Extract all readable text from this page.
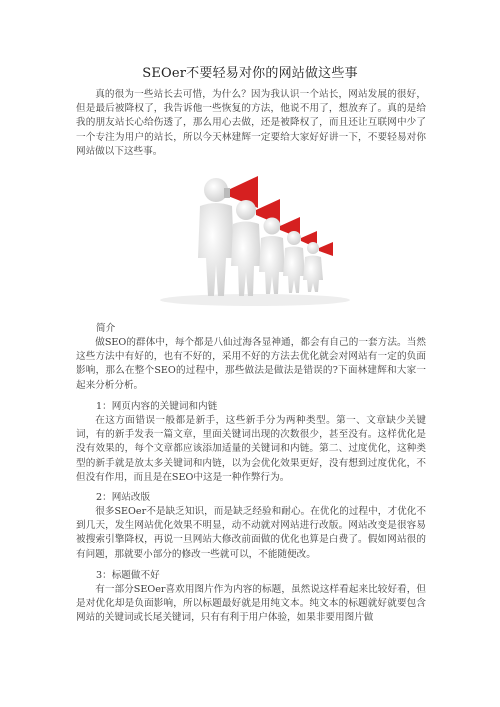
SEOer不要轻易对你的网站做这些事

真的很为一些站长去可惜，为什么？因为我认识一个站长，网站发展的很好，但是最后被降权了，我告诉他一些恢复的方法，他说不用了，想放弃了。真的是给我的朋友站长心给伤透了，那么用心去做，还是被降权了，而且还让互联网中少了一个专注为用户的站长，所以今天林建辉一定要给大家好好讲一下，不要轻易对你网站做以下这些事。

简介

做SEO的群体中，每个都是八仙过海各显神通，都会有自己的一套方法。当然这些方法中有好的，也有不好的，采用不好的方法去优化就会对网站有一定的负面影响，那么在整个SEO的过程中，那些做法是做法是错误的?下面林建辉和大家一起来分析分析。

1：网页内容的关键词和内链

在这方面错误一般都是新手，这些新手分为两种类型。第一、文章缺少关键词，有的新手发表一篇文章，里面关键词出现的次数很少，甚至没有。这样优化是没有效果的，每个文章都应该添加适量的关键词和内链。第二、过度优化，这种类型的新手就是放太多关键词和内链，以为会优化效果更好，没有想到过度优化，不但没有作用，而且是在SEO中这是一种作弊行为。

2：网站改版

很多SEOer不是缺乏知识，而是缺乏经验和耐心。在优化的过程中，才优化不到几天，发生网站优化效果不明显，动不动就对网站进行改版。网站改变是很容易被搜索引擎降权，再说一旦网站大修改前面做的优化也算是白费了。假如网站很的有问题，那就要小部分的修改一些就可以，不能随便改。

3：标题做不好

有一部分SEOer喜欢用图片作为内容的标题，虽然说这样看起来比较好看，但是对优化却是负面影响，所以标题最好就是用纯文本。纯文本的标题就好就要包含网站的关键词或长尾关键词，只有有利于用户体验，如果非要用图片做
